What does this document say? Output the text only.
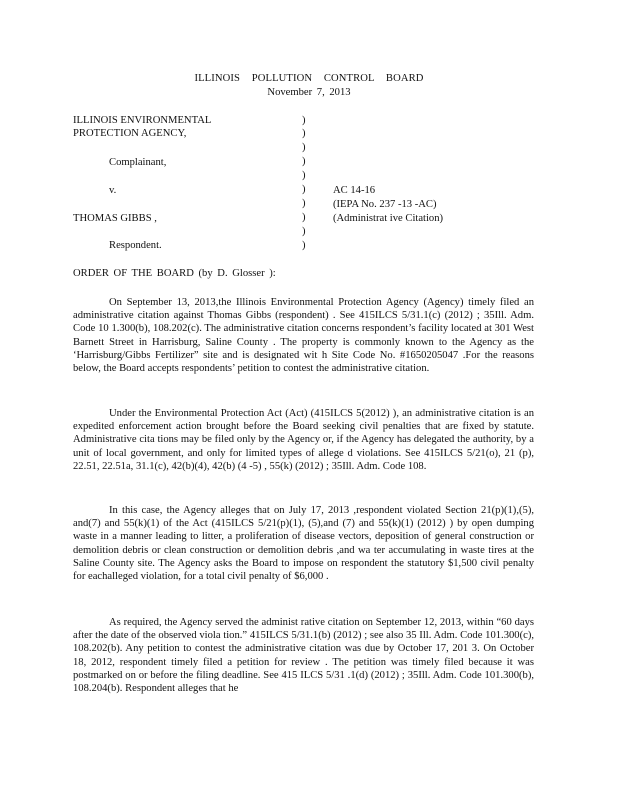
ILLINOIS POLLUTION CONTROL BOARD
November 7, 2013
ILLINOIS ENVIRONMENTAL
PROTECTION AGENCY,
Complainant,
v.
THOMAS GIBBS ,
Respondent.
)
)
)
)
)
)
)
)
)
)
AC 14-16
(IEPA No. 237 -13 -AC)
(Administrat ive Citation)
ORDER OF THE BOARD (by D. Glosser ):
On September 13, 2013,the Illinois Environmental Protection Agency (Agency) timely filed an administrative citation against Thomas Gibbs (respondent) . See 415ILCS 5/31.1(c) (2012) ; 35Ill. Adm. Code 10 1.300(b), 108.202(c). The administrative citation concerns respondent’s facility located at 301 West Barnett Street in Harrisburg, Saline County . The property is commonly known to the Agency as the ‘Harrisburg/Gibbs Fertilizer” site and is designated wit h Site Code No. #1650205047 .For the reasons below, the Board accepts respondents’ petition to contest the administrative citation.
Under the Environmental Protection Act (Act) (415ILCS 5(2012) ), an administrative citation is an expedited enforcement action brought before the Board seeking civil penalties that are fixed by statute. Administrative cita tions may be filed only by the Agency or, if the Agency has delegated the authority, by a unit of local government, and only for limited types of allege d violations. See 415ILCS 5/21(o), 21 (p), 22.51, 22.51a, 31.1(c), 42(b)(4), 42(b) (4 -5) , 55(k) (2012) ; 35Ill. Adm. Code 108.
In this case, the Agency alleges that on July 17, 2013 ,respondent violated Section 21(p)(1),(5), and(7) and 55(k)(1) of the Act (415ILCS 5/21(p)(1), (5),and (7) and 55(k)(1) (2012) ) by open dumping waste in a manner leading to litter, a proliferation of disease vectors, deposition of general construction or demolition debris or clean construction or demolition debris ,and wa ter accumulating in waste tires at the Saline County site. The Agency asks the Board to impose on respondent the statutory $1,500 civil penalty for eachalleged violation, for a total civil penalty of $6,000 .
As required, the Agency served the administ rative citation on September 12, 2013, within “60 days after the date of the observed viola tion.” 415ILCS 5/31.1(b) (2012) ; see also 35 Ill. Adm. Code 101.300(c), 108.202(b). Any petition to contest the administrative citation was due by October 17, 201 3. On October 18, 2012, respondent timely filed a petition for review . The petition was timely filed because it was postmarked on or before the filing deadline. See 415 ILCS 5/31 .1(d) (2012) ; 35Ill. Adm. Code 101.300(b), 108.204(b). Respondent alleges that he
